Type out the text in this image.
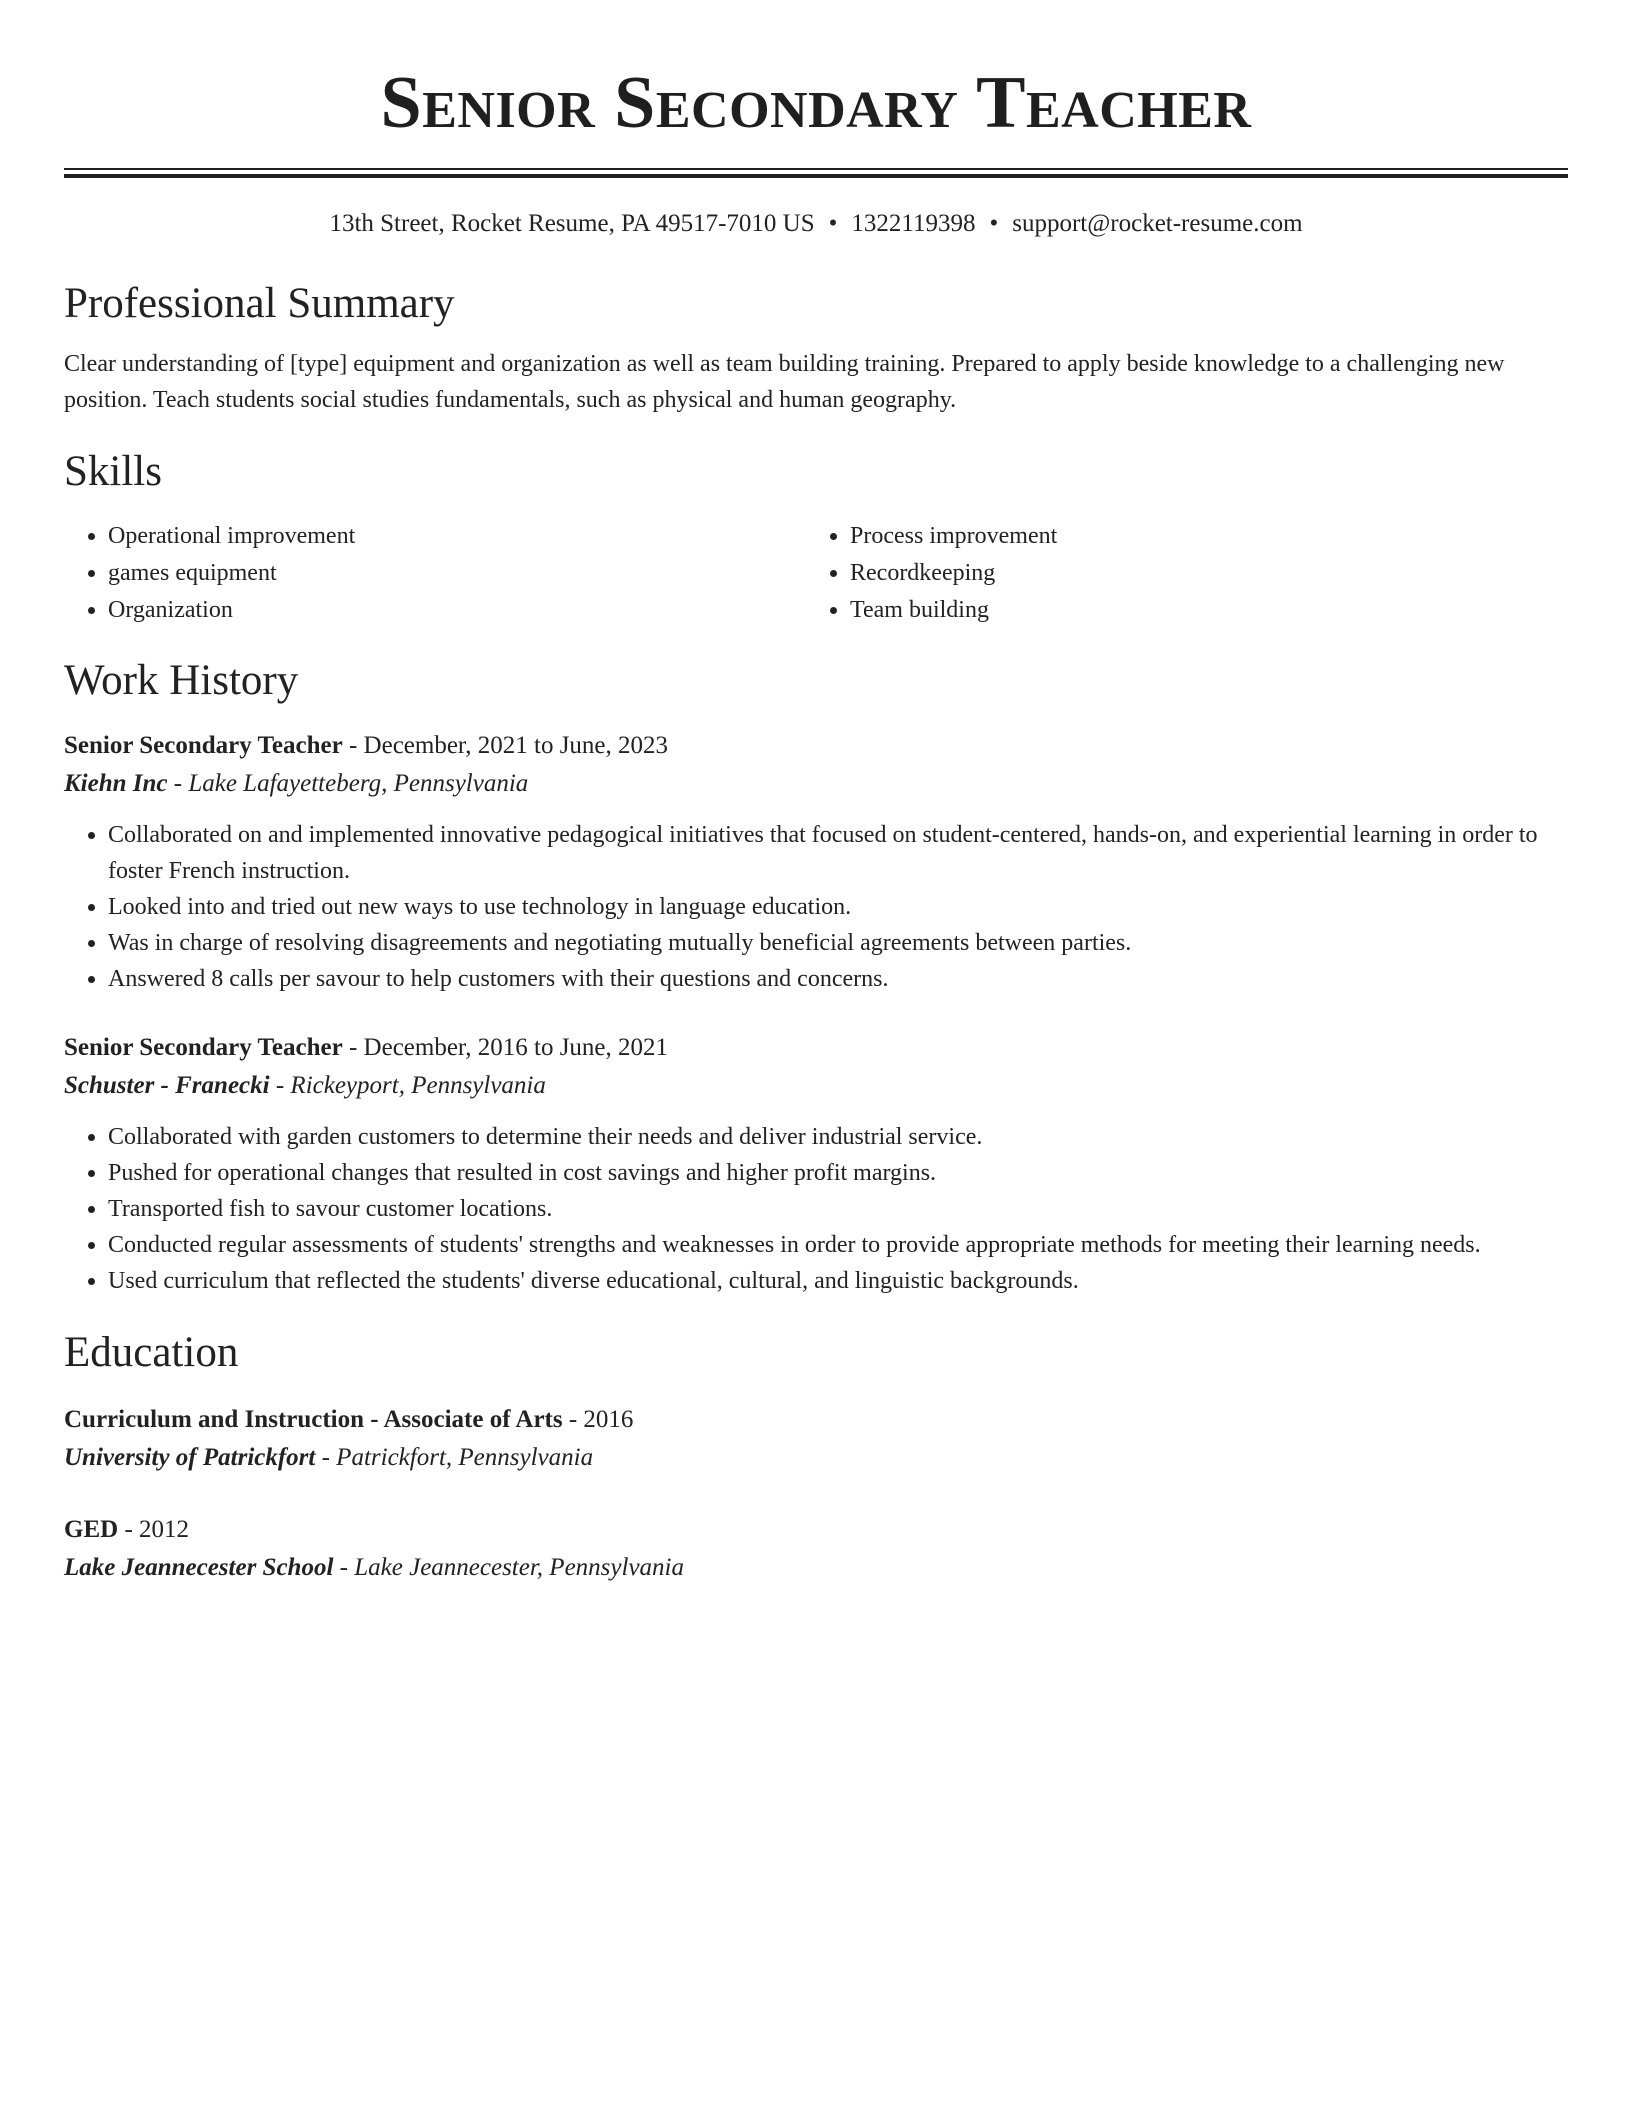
Senior Secondary Teacher
13th Street, Rocket Resume, PA 49517-7010 US • 1322119398 • support@rocket-resume.com
Professional Summary

Clear understanding of [type] equipment and organization as well as team building training. Prepared to apply beside knowledge to a challenging new position. Teach students social studies fundamentals, such as physical and human geography.

Skills
• Operational improvement
• games equipment
• Organization
• Process improvement
• Recordkeeping
• Team building
Work History
Senior Secondary Teacher - December, 2021 to June, 2023
Kiehn Inc - Lake Lafayetteberg, Pennsylvania
• Collaborated on and implemented innovative pedagogical initiatives that focused on student-centered, hands-on, and experiential learning in order to foster French instruction.
• Looked into and tried out new ways to use technology in language education.
• Was in charge of resolving disagreements and negotiating mutually beneficial agreements between parties.
• Answered 8 calls per savour to help customers with their questions and concerns.
Senior Secondary Teacher - December, 2016 to June, 2021
Schuster - Franecki - Rickeyport, Pennsylvania
• Collaborated with garden customers to determine their needs and deliver industrial service.
• Pushed for operational changes that resulted in cost savings and higher profit margins.
• Transported fish to savour customer locations.
• Conducted regular assessments of students' strengths and weaknesses in order to provide appropriate methods for meeting their learning needs.
• Used curriculum that reflected the students' diverse educational, cultural, and linguistic backgrounds.
Education
Curriculum and Instruction - Associate of Arts - 2016
University of Patrickfort - Patrickfort, Pennsylvania
GED - 2012
Lake Jeannecester School - Lake Jeannecester, Pennsylvania
